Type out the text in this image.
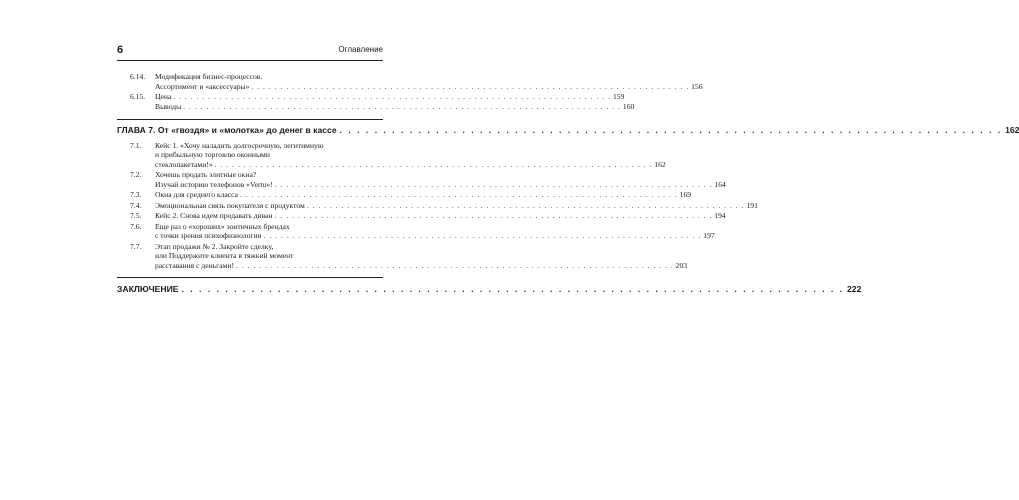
6	Оглавление
6.14. Модификация бизнес-процессов.
Ассортимент и «аксессуары» . . . . . . . . . . . . . . . . . . . . . . . . . . . . . . . . . . . . . . . . . . . . . . . . . . . . . . . . . . . . . . . . . . . . . . . . . . . . 156
6.15. Цена . . . . . . . . . . . . . . . . . . . . . . . . . . . . . . . . . . . . . . . . . . . . . . . . . . . . . . . . . . . . . . . . . . . . . . . . . . . . 159
Выводы . . . . . . . . . . . . . . . . . . . . . . . . . . . . . . . . . . . . . . . . . . . . . . . . . . . . . . . . . . . . . . . . . . . . . . . . . . . . 160
ГЛАВА 7. От «гвоздя» и «молотка» до денег в кассе . . . . . . . . . . . . . . . . . . . . . . . . . . . . . . . . . . . . . . . . . . . . . . . . . . . . . . . . . . . . . . . . . . . . . . . . . . . . 162
7.1. Кейс 1. «Хочу наладить долгосрочную, легитимную
и прибыльную торговлю оконными
стеклопакетами!» . . . . . . . . . . . . . . . . . . . . . . . . . . . . . . . . . . . . . . . . . . . . . . . . . . . . . . . . . . . . . . . . . . . . . . . . . . . . 162
7.2. Хочешь продать элитные окна?
Изучай историю телефонов «Vertu»! . . . . . . . . . . . . . . . . . . . . . . . . . . . . . . . . . . . . . . . . . . . . . . . . . . . . . . . . . . . . . . . . . . . . . . . . . . . . 164
7.3. Окна для среднего класса . . . . . . . . . . . . . . . . . . . . . . . . . . . . . . . . . . . . . . . . . . . . . . . . . . . . . . . . . . . . . . . . . . . . . . . . . . . . 169
7.4. Эмоциональная связь покупателя с продуктом . . . . . . . . . . . . . . . . . . . . . . . . . . . . . . . . . . . . . . . . . . . . . . . . . . . . . . . . . . . . . . . . . . . . . . . . . . . . 191
7.5. Кейс 2. Снова идем продавать диван . . . . . . . . . . . . . . . . . . . . . . . . . . . . . . . . . . . . . . . . . . . . . . . . . . . . . . . . . . . . . . . . . . . . . . . . . . . . 194
7.6. Еще раз о «хороших» зонтичных брендах
с точки зрения психофизиологии . . . . . . . . . . . . . . . . . . . . . . . . . . . . . . . . . . . . . . . . . . . . . . . . . . . . . . . . . . . . . . . . . . . . . . . . . . . . 197
7.7. Этап продажи № 2. Закройте сделку,
или Поддержите клиента в тяжкий момент
расставания с деньгами! . . . . . . . . . . . . . . . . . . . . . . . . . . . . . . . . . . . . . . . . . . . . . . . . . . . . . . . . . . . . . . . . . . . . . . . . . . . . 203
ЗАКЛЮЧЕНИЕ . . . . . . . . . . . . . . . . . . . . . . . . . . . . . . . . . . . . . . . . . . . . . . . . . . . . . . . . . . . . . . . . . . . . . . . . . . . . 222
